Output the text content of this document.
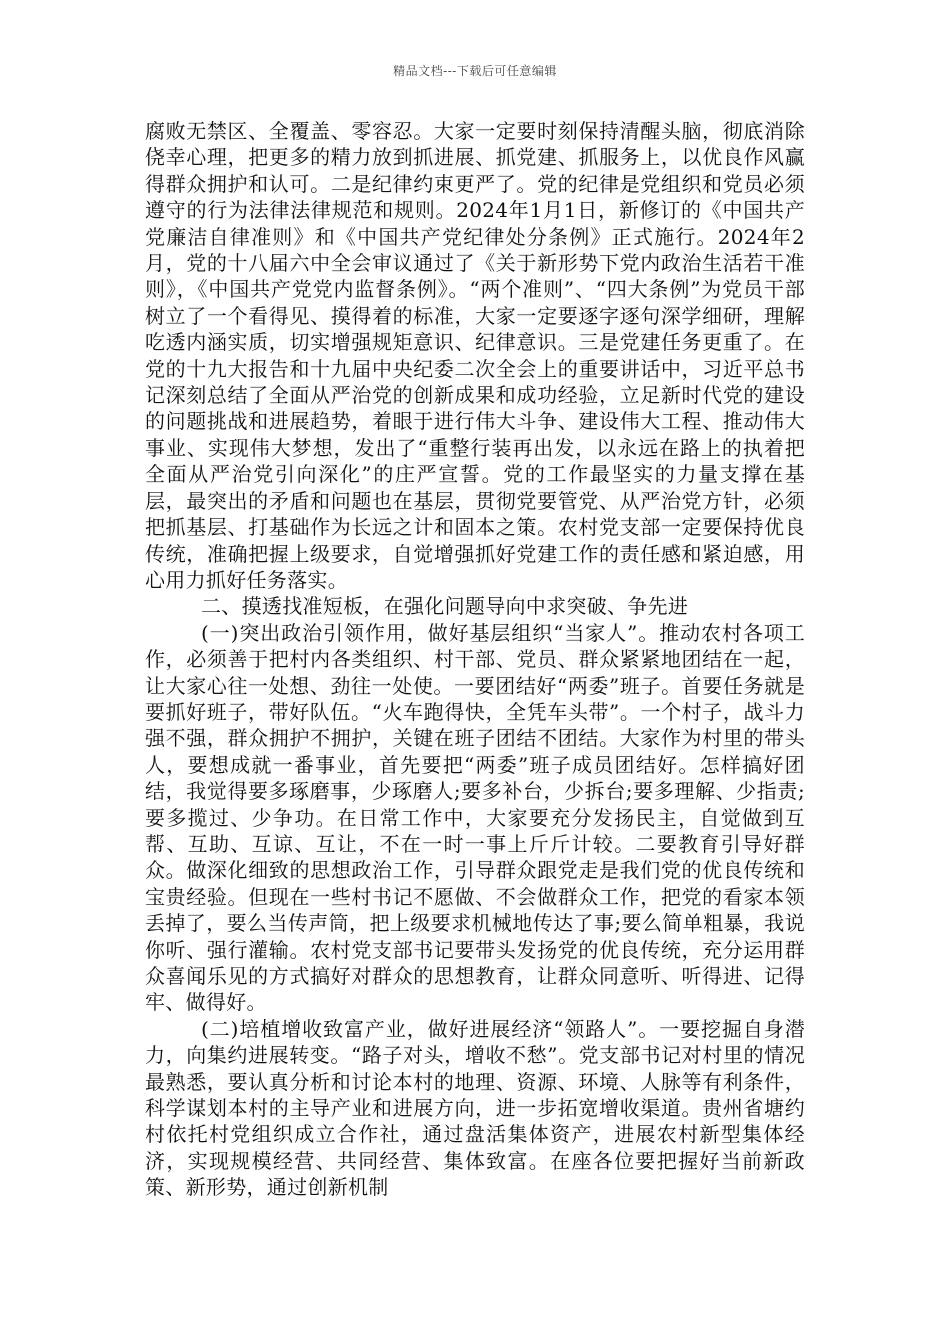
精品文档---下载后可任意编辑

腐败无禁区、全覆盖、零容忍。大家一定要时刻保持清醒头脑，彻底消除侥幸心理，把更多的精力放到抓进展、抓党建、抓服务上，以优良作风赢得群众拥护和认可。二是纪律约束更严了。党的纪律是党组织和党员必须遵守的行为法律法律规范和规则。2024年1月1日，新修订的《中国共产党廉洁自律准则》和《中国共产党纪律处分条例》正式施行。2024年2月，党的十八届六中全会审议通过了《关于新形势下党内政治生活若干准则》，《中国共产党党内监督条例》。“两个准则”、“四大条例”为党员干部树立了一个看得见、摸得着的标准，大家一定要逐字逐句深学细研，理解吃透内涵实质，切实增强规矩意识、纪律意识。三是党建任务更重了。在党的十九大报告和十九届中央纪委二次全会上的重要讲话中，习近平总书记深刻总结了全面从严治党的创新成果和成功经验，立足新时代党的建设的问题挑战和进展趋势，着眼于进行伟大斗争、建设伟大工程、推动伟大事业、实现伟大梦想，发出了“重整行装再出发，以永远在路上的执着把全面从严治党引向深化”的庄严宣誓。党的工作最坚实的力量支撑在基层，最突出的矛盾和问题也在基层，贯彻党要管党、从严治党方针，必须把抓基层、打基础作为长远之计和固本之策。农村党支部一定要保持优良传统，准确把握上级要求，自觉增强抓好党建工作的责任感和紧迫感，用心用力抓好任务落实。

二、摸透找准短板，在强化问题导向中求突破、争先进

(一)突出政治引领作用，做好基层组织“当家人”。推动农村各项工作，必须善于把村内各类组织、村干部、党员、群众紧紧地团结在一起，让大家心往一处想、劲往一处使。一要团结好“两委”班子。首要任务就是要抓好班子，带好队伍。“火车跑得快，全凭车头带”。一个村子，战斗力强不强，群众拥护不拥护，关键在班子团结不团结。大家作为村里的带头人，要想成就一番事业，首先要把“两委”班子成员团结好。怎样搞好团结，我觉得要多琢磨事，少琢磨人;要多补台，少拆台;要多理解、少指责;要多揽过、少争功。在日常工作中，大家要充分发扬民主，自觉做到互帮、互助、互谅、互让，不在一时一事上斤斤计较。二要教育引导好群众。做深化细致的思想政治工作，引导群众跟党走是我们党的优良传统和宝贵经验。但现在一些村书记不愿做、不会做群众工作，把党的看家本领丢掉了，要么当传声筒，把上级要求机械地传达了事;要么简单粗暴，我说你听、强行灌输。农村党支部书记要带头发扬党的优良传统，充分运用群众喜闻乐见的方式搞好对群众的思想教育，让群众同意听、听得进、记得牢、做得好。

(二)培植增收致富产业，做好进展经济“领路人”。一要挖掘自身潜力，向集约进展转变。“路子对头，增收不愁”。党支部书记对村里的情况最熟悉，要认真分析和讨论本村的地理、资源、环境、人脉等有利条件，科学谋划本村的主导产业和进展方向，进一步拓宽增收渠道。贵州省塘约村依托村党组织成立合作社，通过盘活集体资产，进展农村新型集体经济，实现规模经营、共同经营、集体致富。在座各位要把握好当前新政策、新形势，通过创新机制
